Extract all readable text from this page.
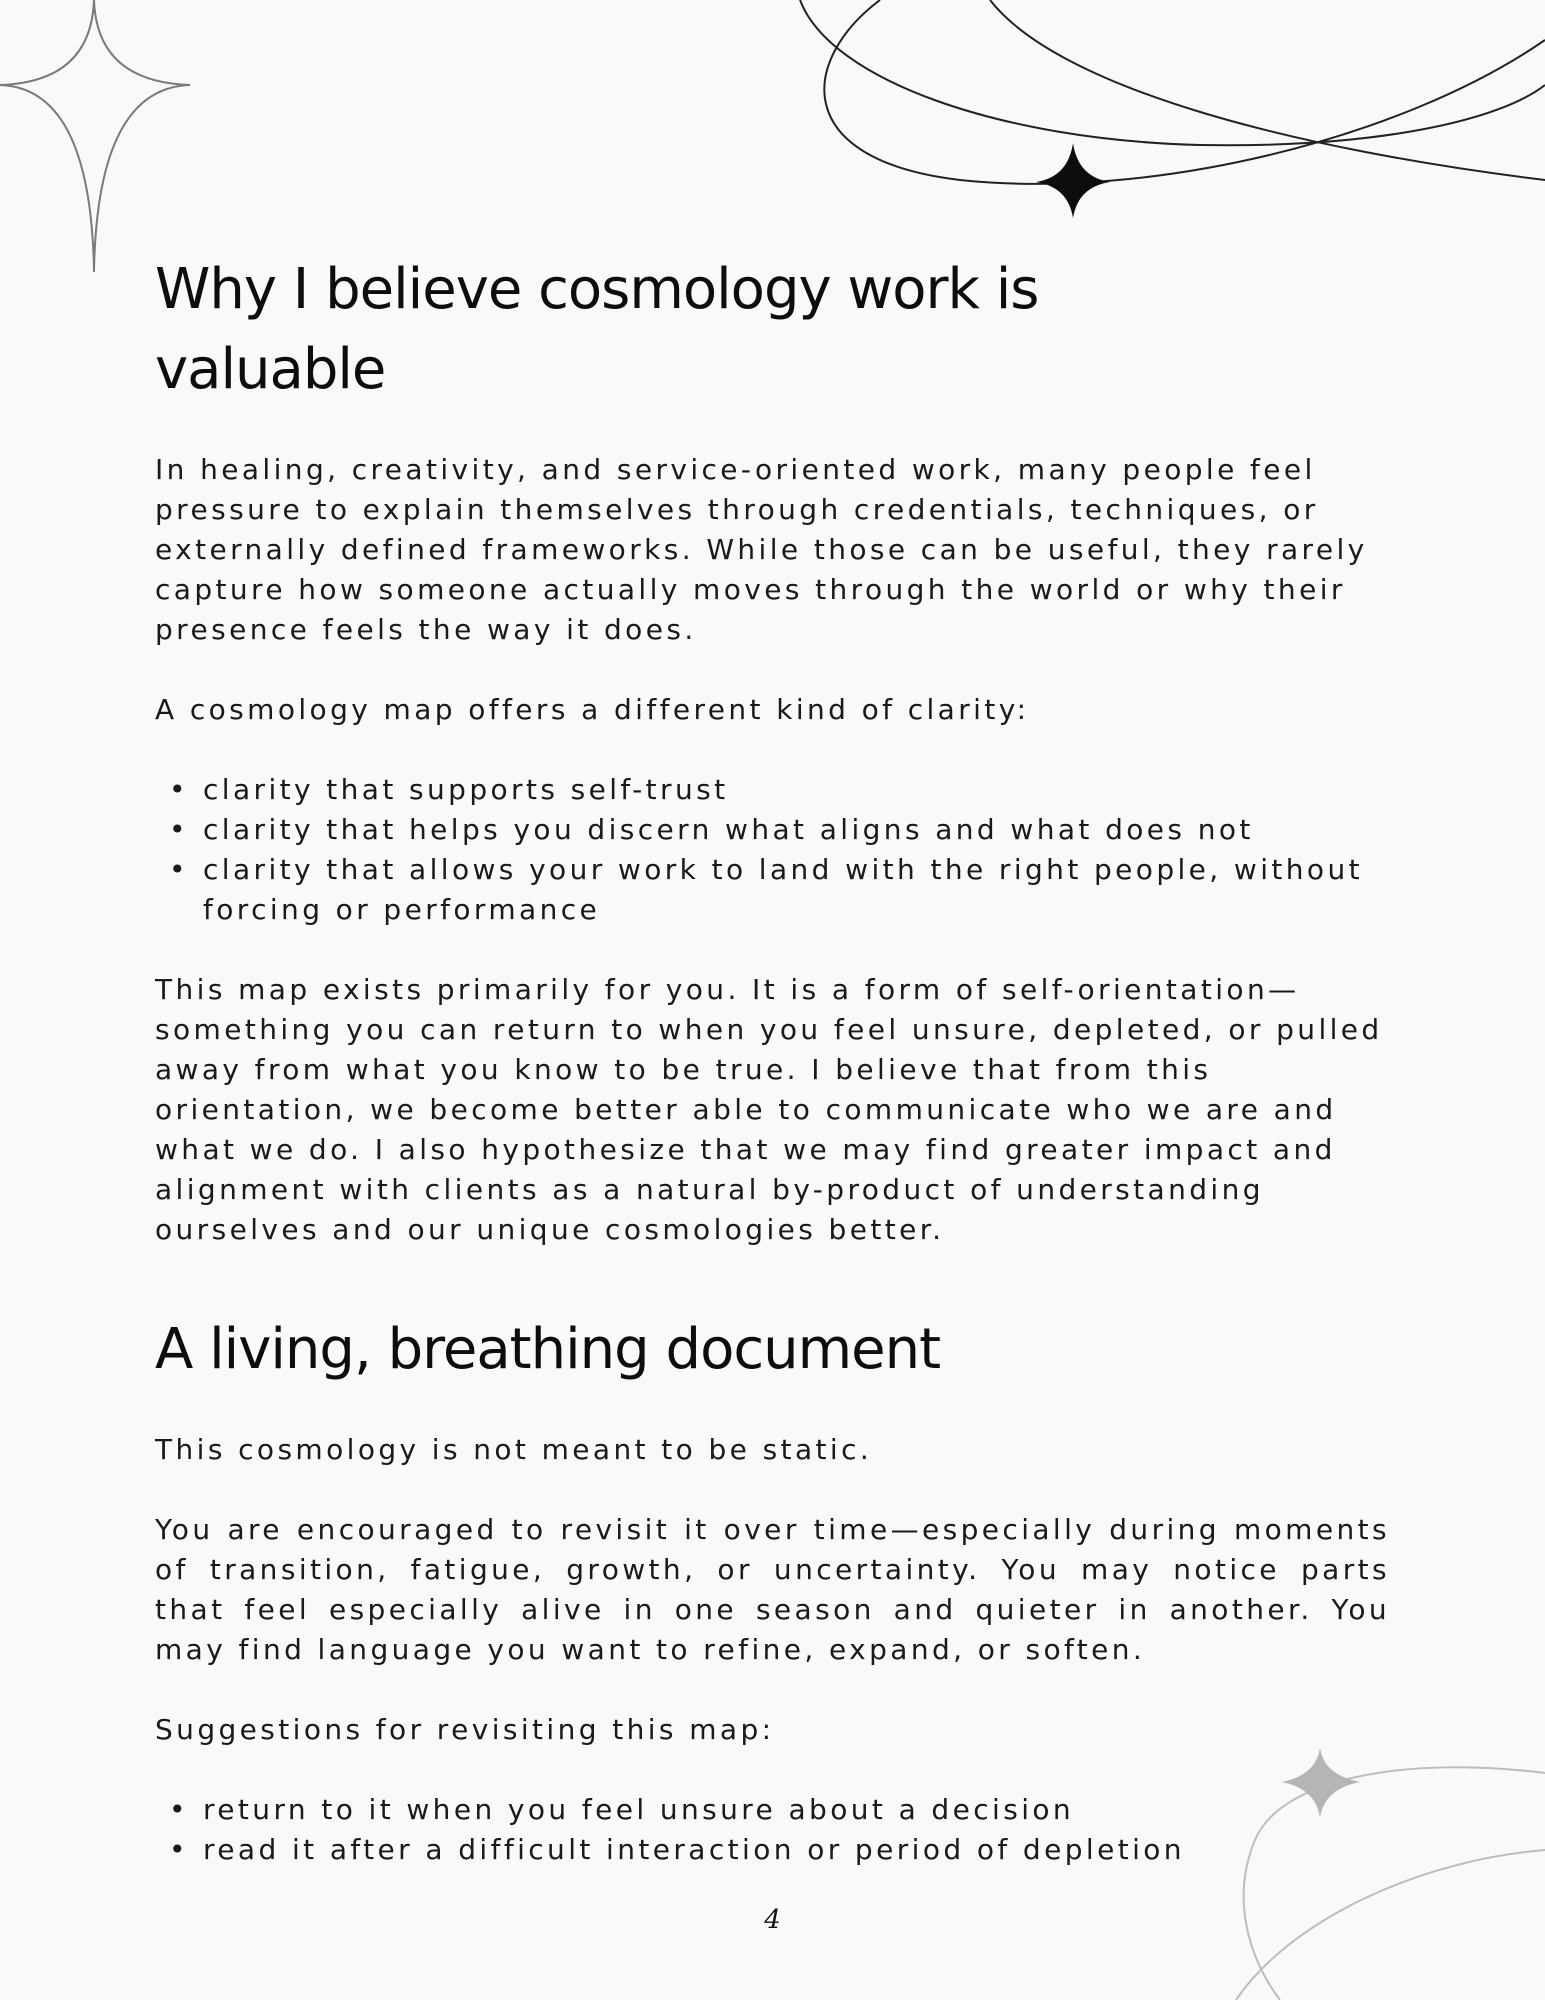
Why I believe cosmology work is valuable

In healing, creativity, and service-oriented work, many people feel pressure to explain themselves through credentials, techniques, or externally defined frameworks. While those can be useful, they rarely capture how someone actually moves through the world or why their presence feels the way it does.

A cosmology map offers a different kind of clarity:

• clarity that supports self-trust
• clarity that helps you discern what aligns and what does not
• clarity that allows your work to land with the right people, without forcing or performance

This map exists primarily for you. It is a form of self-orientation—something you can return to when you feel unsure, depleted, or pulled away from what you know to be true. I believe that from this orientation, we become better able to communicate who we are and what we do. I also hypothesize that we may find greater impact and alignment with clients as a natural by-product of understanding ourselves and our unique cosmologies better.

A living, breathing document

This cosmology is not meant to be static.

You are encouraged to revisit it over time—especially during moments of transition, fatigue, growth, or uncertainty. You may notice parts that feel especially alive in one season and quieter in another. You may find language you want to refine, expand, or soften.

Suggestions for revisiting this map:

• return to it when you feel unsure about a decision
• read it after a difficult interaction or period of depletion
4
